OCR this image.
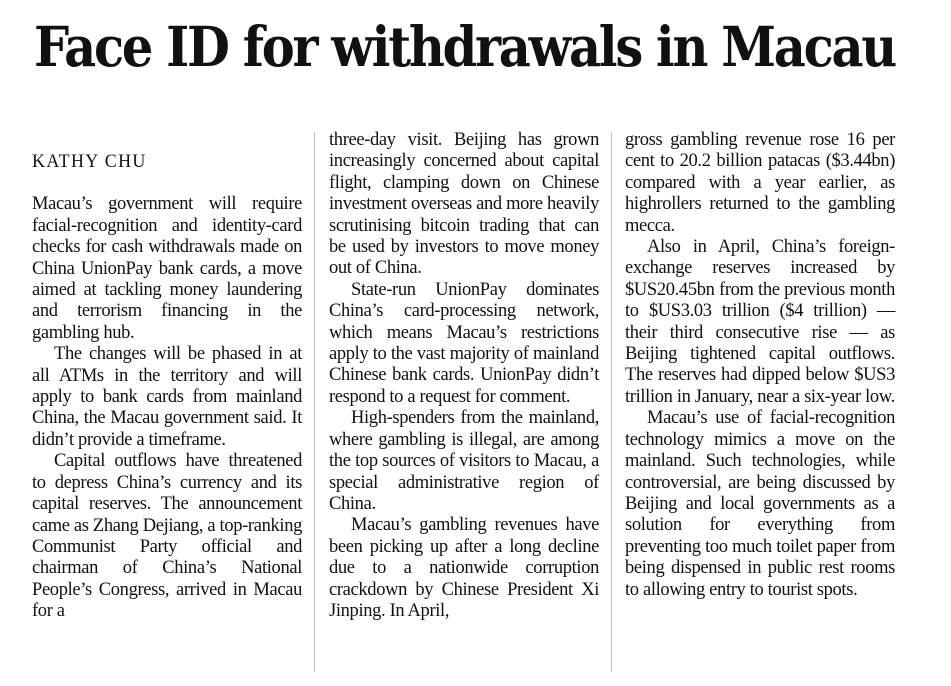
Face ID for withdrawals in Macau
KATHY CHU

Macau’s government will require facial-recognition and identity-card checks for cash withdrawals made on China UnionPay bank cards, a move aimed at tackling money laundering and terrorism financing in the gambling hub.

The changes will be phased in at all ATMs in the territory and will apply to bank cards from mainland China, the Macau government said. It didn’t provide a timeframe.

Capital outflows have threatened to depress China’s currency and its capital reserves. The announcement came as Zhang Dejiang, a top-ranking Communist Party official and chairman of China’s National People’s Congress, arrived in Macau for a

three-day visit. Beijing has grown increasingly concerned about capital flight, clamping down on Chinese investment overseas and more heavily scrutinising bitcoin trading that can be used by investors to move money out of China.

State-run UnionPay dominates China’s card-processing network, which means Macau’s restrictions apply to the vast majority of mainland Chinese bank cards. UnionPay didn’t respond to a request for comment.

High-spenders from the mainland, where gambling is illegal, are among the top sources of visitors to Macau, a special administrative region of China.

Macau’s gambling revenues have been picking up after a long decline due to a nationwide corruption crackdown by Chinese President Xi Jinping. In April,

gross gambling revenue rose 16 per cent to 20.2 billion patacas ($3.44bn) compared with a year earlier, as highrollers returned to the gambling mecca.

Also in April, China’s foreign-exchange reserves increased by $US20.45bn from the previous month to $US3.03 trillion ($4 trillion) — their third consecutive rise — as Beijing tightened capital outflows. The reserves had dipped below $US3 trillion in January, near a six-year low.

Macau’s use of facial-recognition technology mimics a move on the mainland. Such technologies, while controversial, are being discussed by Beijing and local governments as a solution for everything from preventing too much toilet paper from being dispensed in public rest rooms to allowing entry to tourist spots.
